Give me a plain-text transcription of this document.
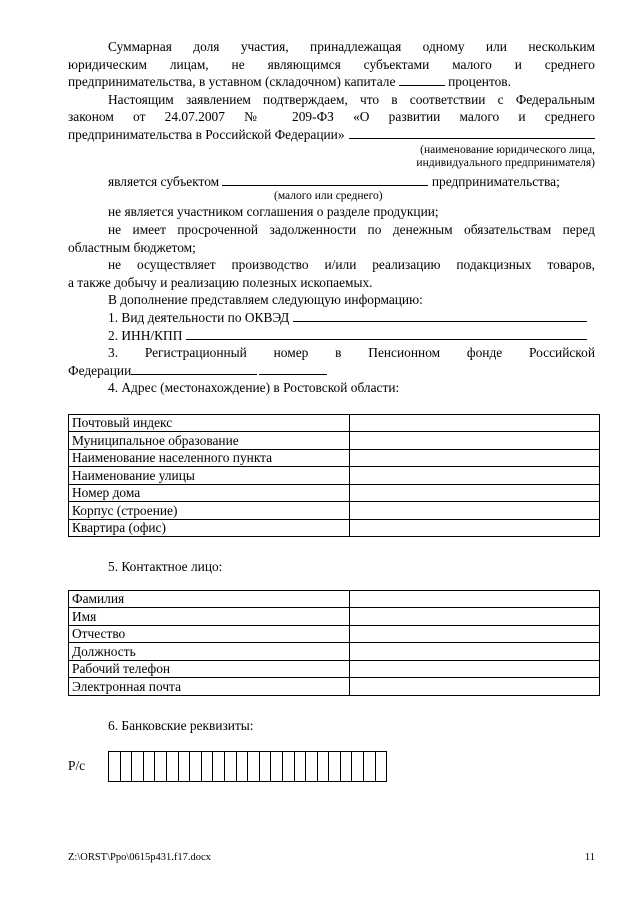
Суммарная доля участия, принадлежащая одному или нескольким

юридическим лицам, не являющимся субъектами малого и среднего

предпринимательства, в уставном (складочном) капитале	процентов.

Настоящим заявлением подтверждаем, что в соответствии с Федеральным

законом от 24.07.2007 № 209-ФЗ «О развитии малого и среднего

предпринимательства в Российской Федерации»
(наименование юридического лица,
индивидуального предпринимателя)

является субъектом	предпринимательства;

(малого или среднего)

не является участником соглашения о разделе продукции;

не имеет просроченной задолженности по денежным обязательствам перед

областным бюджетом;

не осуществляет производство и/или реализацию подакцизных товаров,

а также добычу и реализацию полезных ископаемых.

В дополнение представляем следующую информацию:

1. Вид деятельности по ОКВЭД
2. ИНН/КПП

3. Регистрационный номер в Пенсионном фонде Российской

Федерации

4. Адрес (местонахождение) в Ростовской области:

Почтовый индекс	
Муниципальное образование	
Наименование населенного пункта	
Наименование улицы	
Номер дома	
Корпус (строение)	
Квартира (офис)	

5. Контактное лицо:

Фамилия	
Имя	
Отчество	
Должность	
Рабочий телефон	
Электронная почта	

6. Банковские реквизиты:

Р/с
Z:\ORST\Ppo\0615p431.f17.docx	11
